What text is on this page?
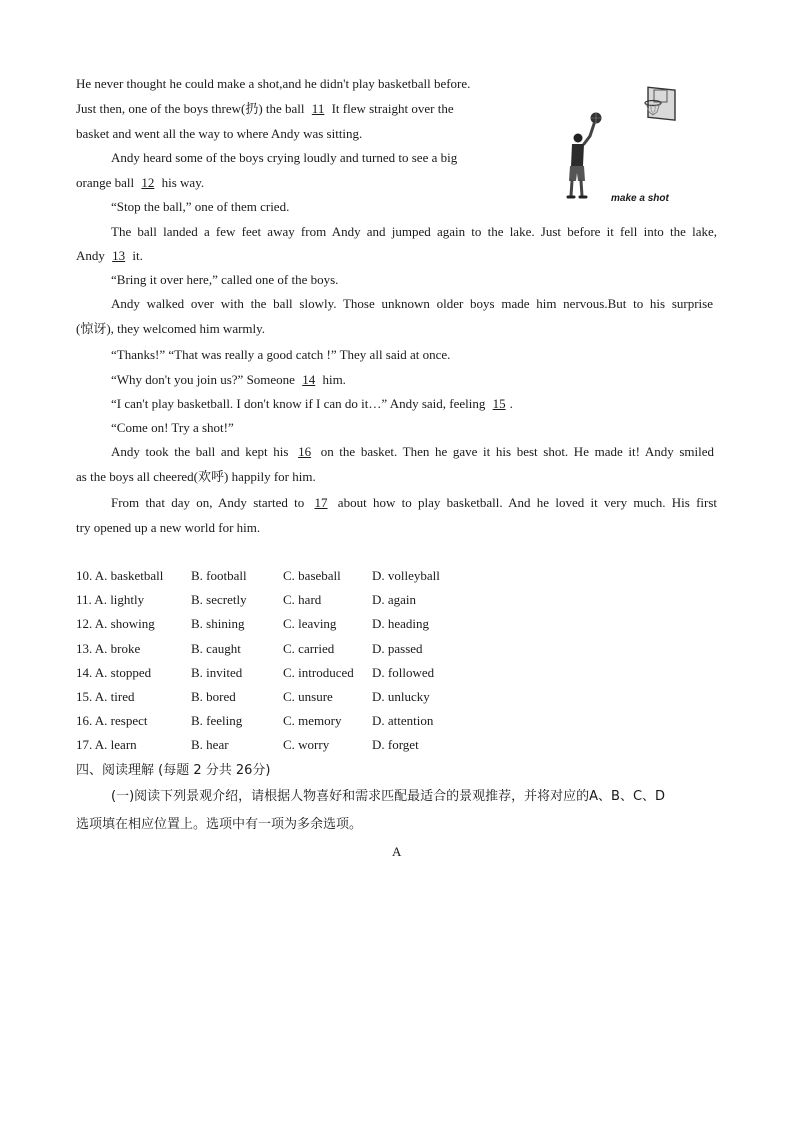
He never thought he could make a shot,and he didn't play basketball before.
Just then, one of the boys threw(扔) the ball 11 It flew straight over the
basket and went all the way to where Andy was sitting.
Andy heard some of the boys crying loudly and turned to see a big
orange ball 12 his way.
“Stop the ball,” one of them cried.
The ball landed a few feet away from Andy and jumped again to the lake. Just before it fell into the lake,
Andy 13 it.
“Bring it over here,” called one of the boys.
Andy walked over with the ball slowly. Those unknown older boys made him nervous.But to his surprise
(惊讶), they welcomed him warmly.
“Thanks!” “That was really a good catch !” They all said at once.
“Why don't you join us?” Someone 14 him.
“I can't play basketball. I don't know if I can do it…” Andy said, feeling 15 .
“Come on! Try a shot!”
Andy took the ball and kept his 16 on the basket. Then he gave it his best shot. He made it! Andy smiled
as the boys all cheered(欢呼) happily for him.
From that day on, Andy started to 17 about how to play basketball. And he loved it very much. His first
try opened up a new world for him.
make a shot
10. A. basketball B. football	C. baseball D. volleyball
11. A. lightly	B. secretly	C. hard	D. again
12. A. showing	B. shining	C. leaving	D. heading
13. A. broke	B. caught	C. carried	D. passed
14. A. stopped	B. invited	C. introduced D. followed
15. A. tired	B. bored	C. unsure	D. unlucky
16. A. respect	B. feeling	C. memory D. attention
17. A. learn	B. hear	C. worry	D. forget
四、阅读理解 (每题 2 分共 26分)
(一)阅读下列景观介绍，请根据人物喜好和需求匹配最适合的景观推荐，并将对应的A、B、C、D
选项填在相应位置上。选项中有一项为多余选项。
A
